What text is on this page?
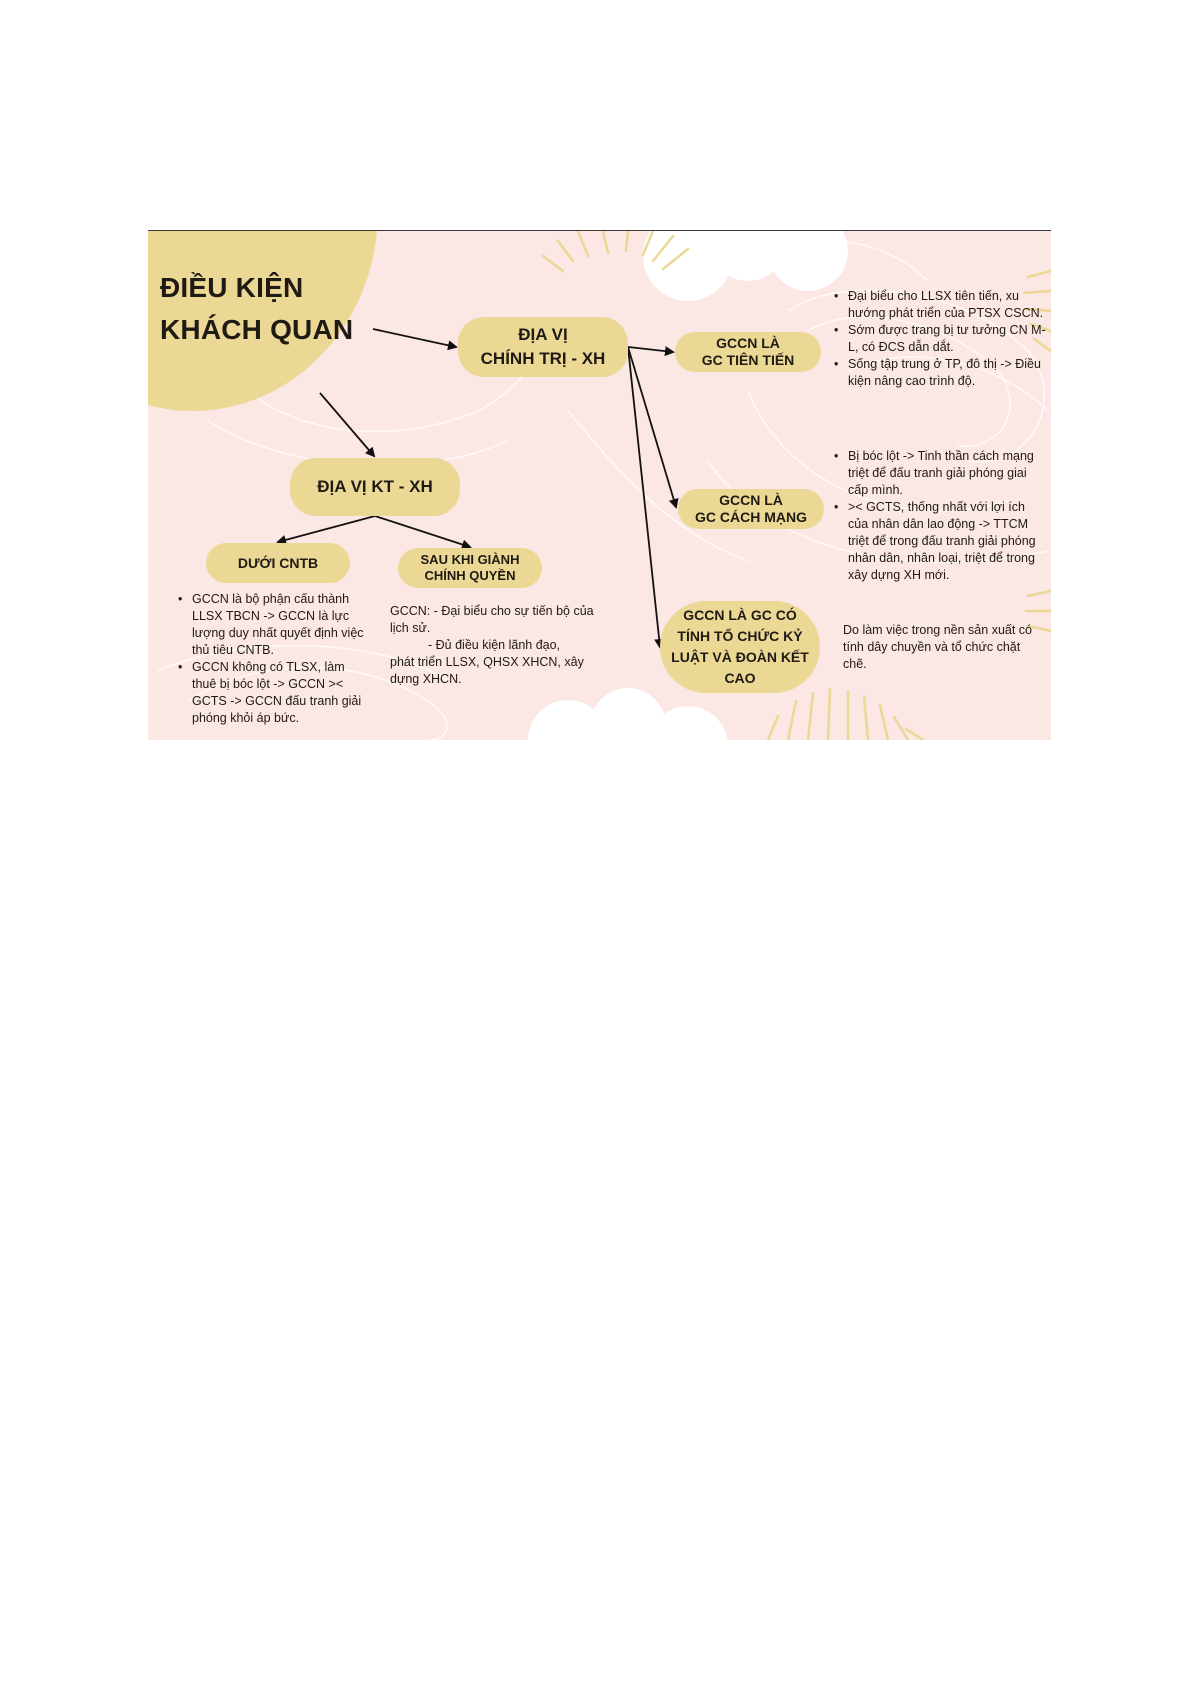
ĐIỀU KIỆN
KHÁCH QUAN	ĐỊA VỊ
CHÍNH TRỊ - XH
ĐỊA VỊ KT - XH
GCCN LÀ
GC TIÊN TIẾN
GCCN LÀ
GC CÁCH MẠNG
GCCN LÀ GC CÓ
TÍNH TỔ CHỨC KỶ
LUẬT VÀ ĐOÀN KẾT
CAO
DƯỚI CNTB	SAU KHI GIÀNH
CHÍNH QUYỀN
• Đại biểu cho LLSX tiên tiến, xu hướng phát triển của PTSX CSCN.
• Sớm được trang bị tư tưởng CN M-L, có ĐCS dẫn dắt.
• Sống tập trung ở TP, đô thị -> Điều kiện nâng cao trình độ.
• Bị bóc lột -> Tinh thần cách mạng triệt để đấu tranh giải phóng giai cấp mình.
• >< GCTS, thống nhất với lợi ích của nhân dân lao động -> TTCM triệt để trong đấu tranh giải phóng nhân dân, nhân loại, triệt để trong xây dựng XH mới.

Do làm việc trong nền sản xuất có tính dây chuyền và tổ chức chặt chẽ.

• GCCN là bộ phận cấu thành LLSX TBCN -> GCCN là lực lượng duy nhất quyết định việc thủ tiêu CNTB.
• GCCN không có TLSX, làm thuê bị bóc lột -> GCCN >< GCTS -> GCCN đấu tranh giải phóng khỏi áp bức.

GCCN: - Đại biểu cho sự tiến bộ của lịch sử.

- Đủ điều kiện lãnh đạo,

phát triển LLSX, QHSX XHCN, xây dựng XHCN.
